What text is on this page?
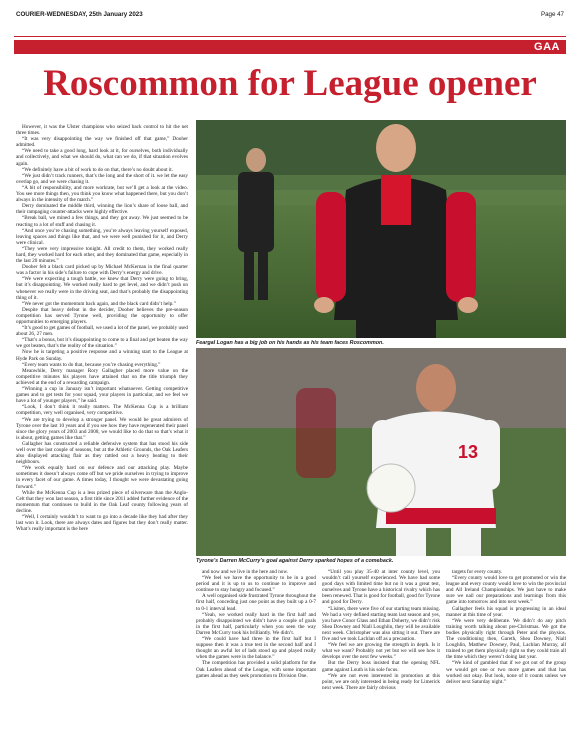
COURIER-WEDNESDAY, 25th January 2023	Page 47
GAA
Roscommon for League opener

However, it was the Ulster champions who seized back control to hit the net three times.

“It was very disappointing the way we finished off that game,” Dooher admitted.

“We need to take a good long, hard look at it, for ourselves, both individually and collectively, and what we should do, what can we do, if that situation evolves again.

“We definitely have a bit of work to do on that, there’s no doubt about it.

“We just didn’t track runners, that’s the long and the short of it. we let the easy overlap go, and we were chasing it.

“A bit of responsibility, and more workrate, but we’ll get a look at the video. You see more things then, you think you know what happened there, but you don’t always in the intensity of the match.”

Derry dominated the middle third, winning the lion’s share of loose ball, and their rampaging counter-attacks were highly effective.

“Break ball, we mined a few things, and they got away. We just seemed to be reacting to a lot of stuff and chasing it.

“And once you’re chasing something, you’re always leaving yourself exposed, leaving spaces and things like that, and we were well punished for it, and Derry were clinical.

“They were very impressive tonight. All credit to them, they worked really hard, they worked hard for each other, and they dominated that game, especially in the last 20 minutes.”

Dooher felt a black card picked up by Michael McKernan in the final quarter was a factor in his side’s failure to cope with Derry’s energy and drive.

“We were expecting a tough battle, we knew that Derry were going to bring, but it’s disappointing. We worked really hard to get level, and we didn’t push on whenever we really were in the driving seat, and that’s probably the disappointing thing of it.

“We never got the momentum back again, and the black card didn’t help.”

Despite that heavy defeat in the decider, Dooher believes the pre-season competition has served Tyrone well, providing the opportunity to offer opportunities to emerging players.

“It’s good to get games of football, we used a lot of the panel, we probably used about 26, 27 men.

“That’s a bonus, but it’s disappointing to come to a final and get beaten the way we got beaten, that’s the reality of the situation.”

Now he is targeting a positive response and a winning start to the League at Hyde Park on Sunday.

“Every team wants to do that, because you’re chasing everything.”

Meanwhile, Derry manager Rory Gallagher placed more value on the competitive minutes his players have attained that on the title triumph they achieved at the end of a rewarding campaign.

“Winning a cup in January isn’t important whatsoever. Getting competitive games and to get tests for your squad, your players in particular, and we feel we have a lot of younger players,” he said.

“Look, I don’t think it really matters. The McKenna Cup is a brilliant competition, very well organised, very competitive.

“We are trying to develop a stronger panel. We would be great admirers of Tyrone over the last 10 years and if you see how they have regenerated their panel since the glory years of 2003 and 2008, we would like to do that so that’s what it is about, getting games like that.”

Gallagher has constructed a reliable defensive system that has stood his side well over the last couple of seasons, but at the Athletic Grounds, the Oak Leafers also displayed attacking flair as they rattled out a heavy beating to their neighbours.

“We work equally hard on our defence and our attacking play. Maybe sometimes it doesn’t always come off but we pride ourselves in trying to improve in every facet of our game. A times today, I thought we were devastating going forward.”

While the McKenna Cup is a less prized piece of silverware than the Anglo-Celt that they won last season, a first title since 2011 added further evidence of the momentum that continues to build in the Oak Leaf county following years of decline.

“Well, I certainly wouldn’t to want to go into a decade like they had after they last won it. Look, there are always dates and figures but they don’t really matter. What’s really important is the here

Feargal Logan has a big job on his hands as his team faces Roscommon.
13
Tyrone’s Darren McCurry’s goal against Derry sparked hopes of a comeback.

and now and we live in the here and now.

“We feel we have the opportunity to be in a good period and it is up to us to continue to improve and continue to stay hungry and focused.”

A well organised side frustrated Tyrone throughout the first half, conceding just one point as they built up a 0-7 to 0-1 interval lead.

“Yeah, we worked really hard in the first half and probably disappointed we didn’t have a couple of goals in the first half, particularly when you seen the way Darren McCurry took his brilliantly. We didn’t.

“We could have had three in the first half but I suppose then it was a true test in the second half and I thought an awful lot of lads stood up and played really when the games were in the balance.”

The competition has provided a solid platform for the Oak Leafers ahead of the League, with some important games ahead as they seek promotion to Division One.

“Until you play 35-40 at inter county level, you wouldn’t call yourself experienced. We have had some good days with limited time but no it was a great test, ourselves and Tyrone have a historical rivalry which has been renewed. That is good for football, good for Tyrone and good for Derry.

“Lisiten, there were five of our starting team missing. We had a very defined starting team last season and yes, you have Conor Glass and Ethan Doherty, we didn’t risk Shea Downey and Niall Loughlin, they will be available next week. Christopher was also sitting it out. There are five and we took Lachlan off as a precaution.

“We feel we are growing the strength in depth. Is it what we want? Probably not yet but we will see how it develops over the next few weeks.”

But the Derry boss insisted that the opening NFL game against Louth is his sole focus.

“We are not even interested in promotion at this point, we are only interested in being ready for Limerick next week. There are fairly obvious

targets for every county.

“Every county would love to get promoted or win the league and every county would love to win the provincial and All Ireland Championships. We just have to make sure we nail our preparations and learnings from this game into tomorrow and into next week.”

Gallagher feels his squad is progressing in an ideal manner at this time of year.

“We were very deliberate. We didn’t do any pitch training worth talking about pre-Christmas. We got the bodies physically right through Peter and the physios. The conditioning then, Gareth, Shea Downey, Niall Loughlin, Matthew Downey, Paul, Lachlan Murray, all trained to get them physically right so they could train all the time which they weren’t doing last year.

“We kind of gambled that if we got out of the group we would get one or two more games and that has worked out okay. But look, none of it counts unless we deliver next Saturday night.”
